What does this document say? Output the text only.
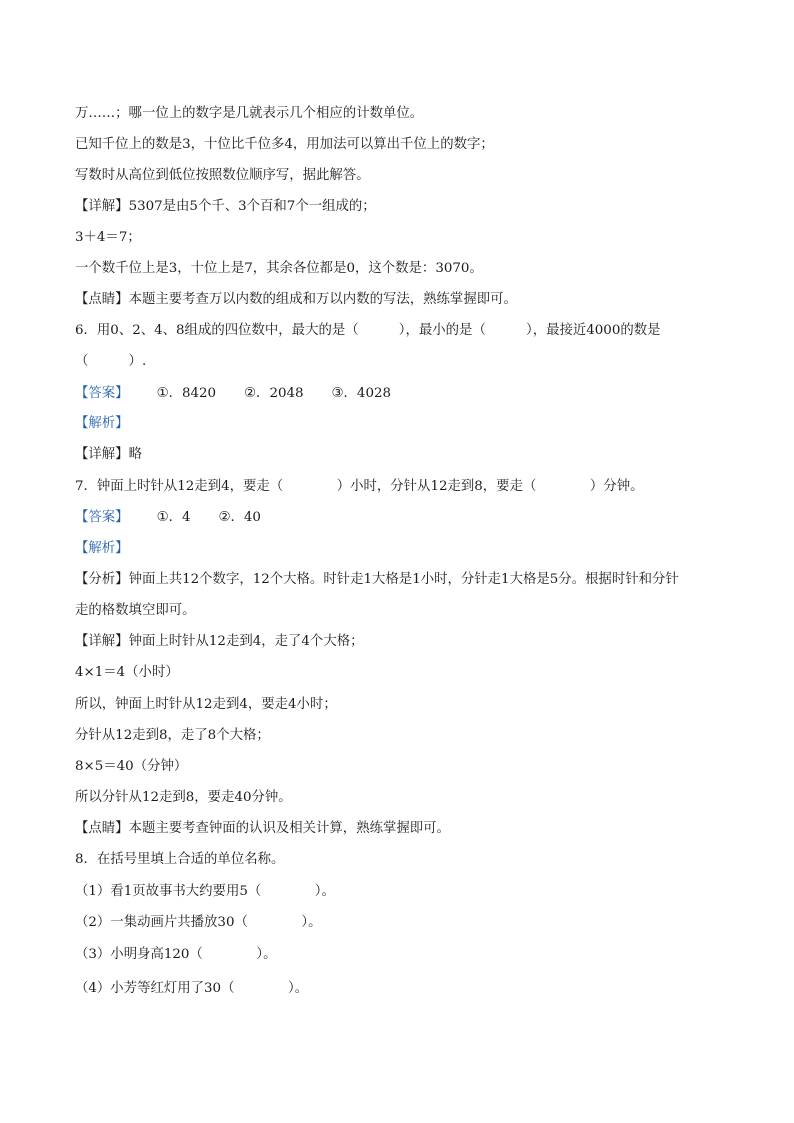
万……；哪一位上的数字是几就表示几个相应的计数单位。
已知千位上的数是3，十位比千位多4，用加法可以算出千位上的数字；
写数时从高位到低位按照数位顺序写，据此解答。
【详解】5307是由5个千、3个百和7个一组成的；
3＋4＝7；
一个数千位上是3，十位上是7，其余各位都是0，这个数是：3070。
【点睛】本题主要考查万以内数的组成和万以内数的写法，熟练掌握即可。
6．用0、2、4、8组成的四位数中，最大的是（　　　），最小的是（　　　），最接近4000的数是
（　　　）.
【答案】 ①．8420 ②．2048 ③．4028
【解析】
【详解】略
7．钟面上时针从12走到4，要走（　　　　）小时，分针从12走到8，要走（　　　　）分钟。
【答案】 ①．4 ②．40
【解析】
【分析】钟面上共12个数字，12个大格。时针走1大格是1小时，分针走1大格是5分。根据时针和分针
走的格数填空即可。
【详解】钟面上时针从12走到4，走了4个大格；
4×1＝4（小时）
所以，钟面上时针从12走到4，要走4小时；
分针从12走到8，走了8个大格；
8×5＝40（分钟）
所以分针从12走到8，要走40分钟。
【点睛】本题主要考查钟面的认识及相关计算，熟练掌握即可。
8．在括号里填上合适的单位名称。
（1）看1页故事书大约要用5（　　　　）。
（2）一集动画片共播放30（　　　　）。
（3）小明身高120（　　　　）。
（4）小芳等红灯用了30（　　　　）。
